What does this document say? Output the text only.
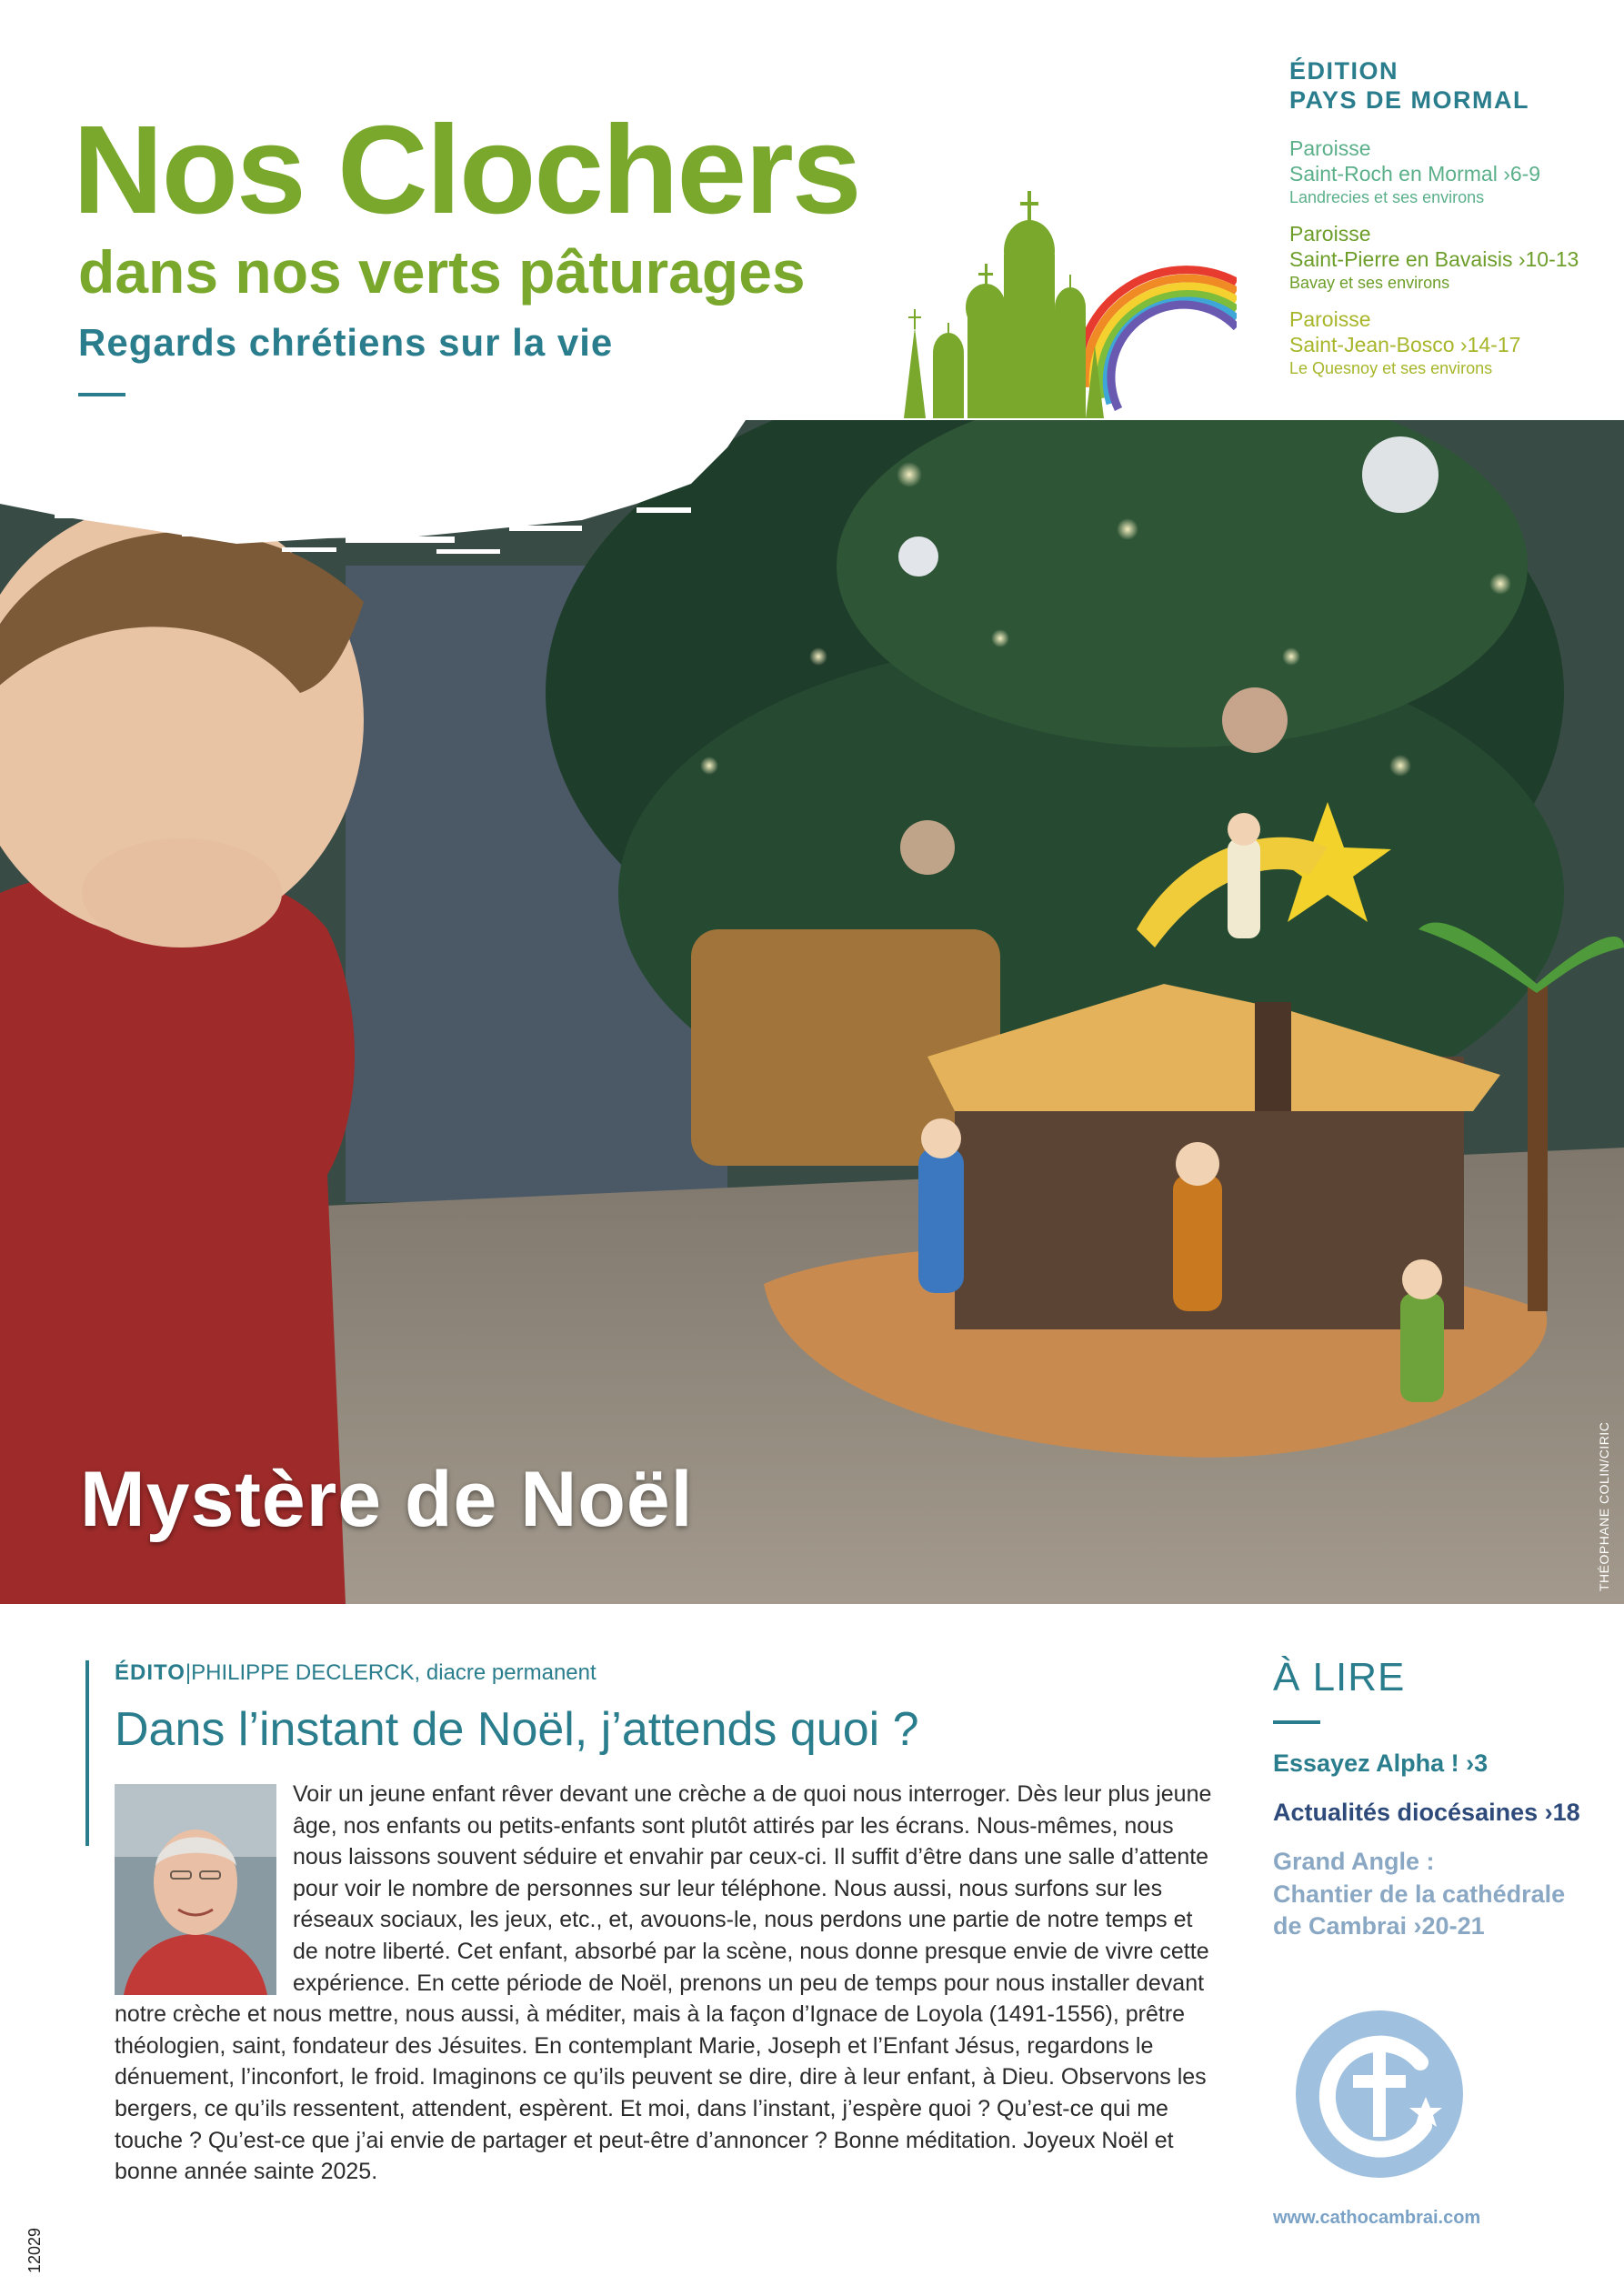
Nos Clochers
dans nos verts pâturages
Regards chrétiens sur la vie
ÉDITION
PAYS DE MORMAL
Paroisse
Saint-Roch en Mormal ›6-9
Landrecies et ses environs
Paroisse
Saint-Pierre en Bavaisis ›10-13
Bavay et ses environs
Paroisse
Saint-Jean-Bosco ›14-17
Le Quesnoy et ses environs
Mystère de Noël	THÉOPHANE COLIN/CIRIC
ÉDITO|PHILIPPE DECLERCK, diacre permanent
Dans l’instant de Noël, j’attends quoi ?

Voir un jeune enfant rêver devant une crèche a de quoi nous interroger. Dès leur plus jeune âge, nos enfants ou petits-enfants sont plutôt attirés par les écrans. Nous-mêmes, nous nous laissons souvent séduire et envahir par ceux-ci. Il suffit d’être dans une salle d’attente pour voir le nombre de personnes sur leur téléphone. Nous aussi, nous surfons sur les réseaux sociaux, les jeux, etc., et, avouons-le, nous perdons une partie de notre temps et de notre liberté. Cet enfant, absorbé par la scène, nous donne presque envie de vivre cette expérience. En cette période de Noël, prenons un peu de temps pour nous installer devant notre crèche et nous mettre, nous aussi, à méditer, mais à la façon d’Ignace de Loyola (1491-1556), prêtre théologien, saint, fondateur des Jésuites. En contemplant Marie, Joseph et l’Enfant Jésus, regardons le dénuement, l’inconfort, le froid. Imaginons ce qu’ils peuvent se dire, dire à leur enfant, à Dieu. Observons les bergers, ce qu’ils ressentent, attendent, espèrent. Et moi, dans l’instant, j’espère quoi ? Qu’est-ce qui me touche ? Qu’est-ce que j’ai envie de partager et peut-être d’annoncer ? Bonne méditation. Joyeux Noël et bonne année sainte 2025.

À LIRE
Essayez Alpha ! ›3
Actualités diocésaines ›18
Grand Angle :
Chantier de la cathédrale
de Cambrai ›20-21
www.cathocambrai.com
12029
